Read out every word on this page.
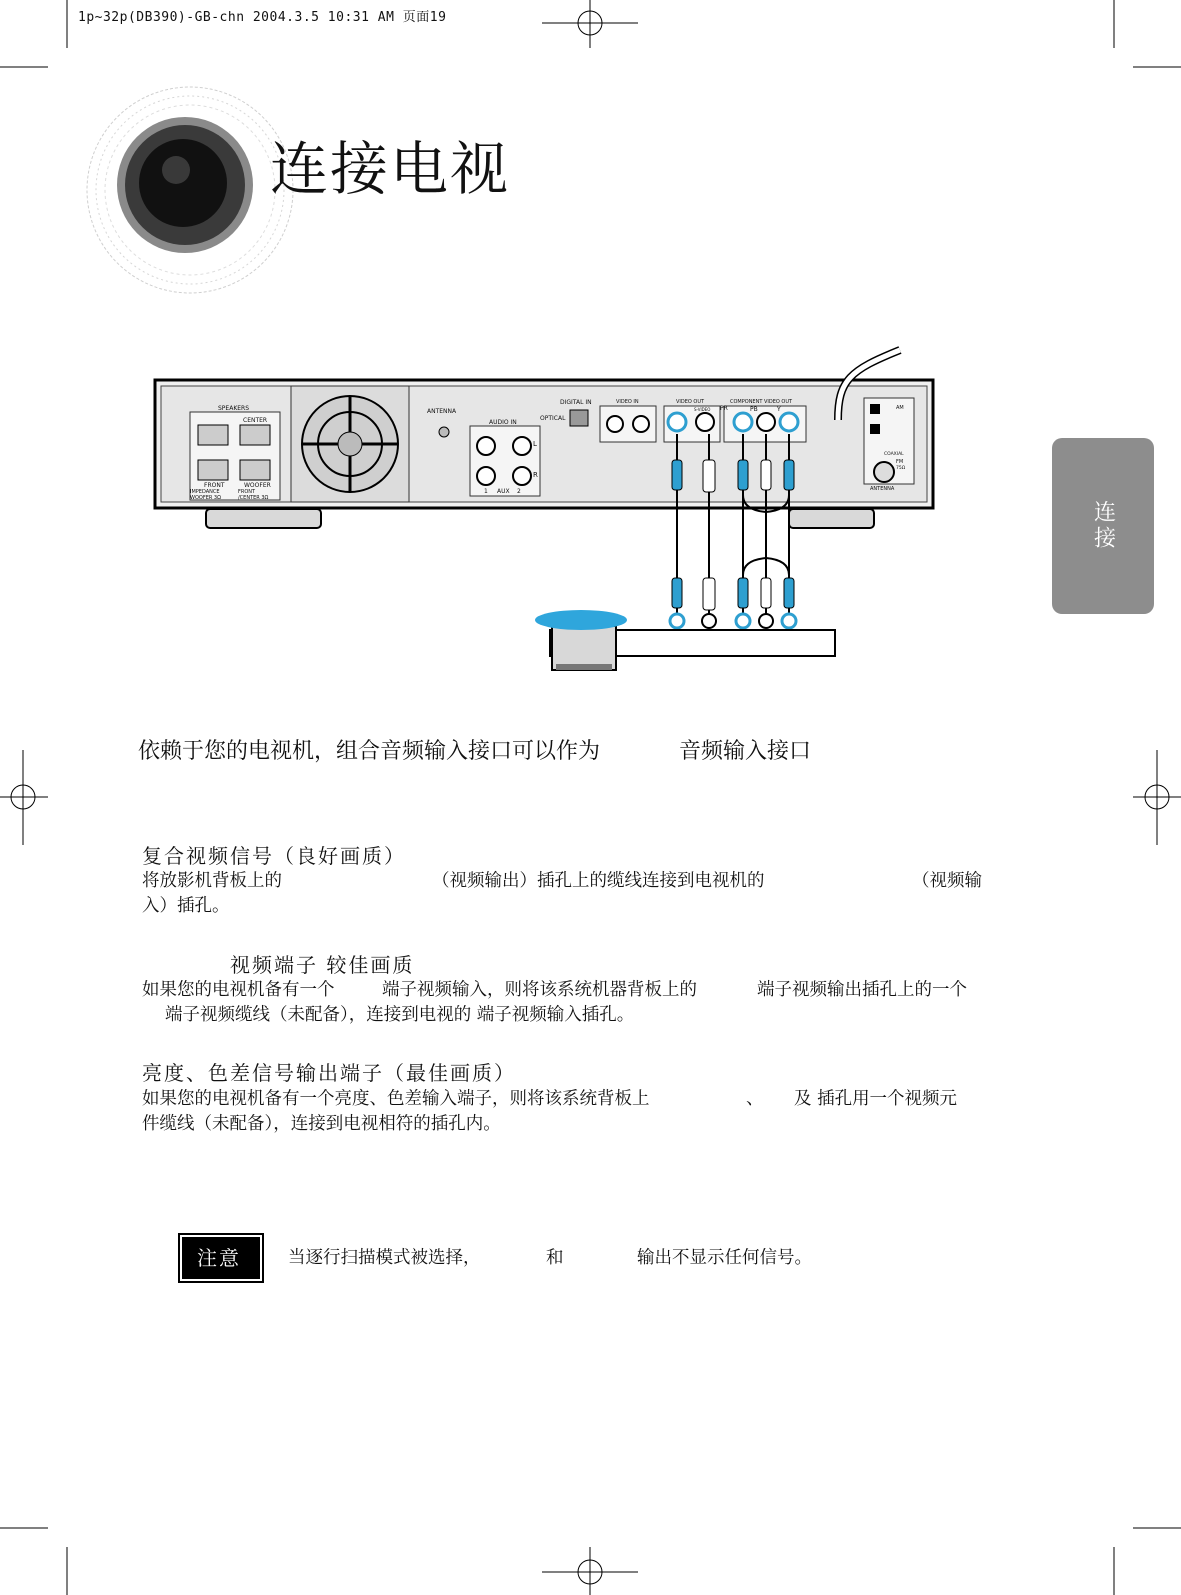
SPEAKERS
CENTER
FRONT	WOOFER
IMPEDANCE WOOFER 3Ω
FRONT /CENTER 3Ω
ANTENNA
AUDIO IN
AUX
1	2
L
R
DIGITAL IN
OPTICAL
VIDEO IN	VIDEO OUT
S-VIDEO
COMPONENT VIDEO OUT
PR	PB	Y	AM
COAXIAL
FM
75Ω
ANTENNA
1p~32p(DB390)-GB-chn 2004.3.5 10:31 AM 页面19
连接电视
连接
依赖于您的电视机，组合音频输入接口可以作为	音频输入接口
复合视频信号（良好画质）
将放影机背板上的	（视频输出）插孔上的缆线连接到电视机的	（视频输
入）插孔。
视频端子 较佳画质
如果您的电视机备有一个	端子视频输入，则将该系统机器背板上的	端子视频输出插孔上的一个
端子视频缆线（未配备），连接到电视的 端子视频输入插孔。
亮度、色差信号输出端子（最佳画质）
如果您的电视机备有一个亮度、色差输入端子，则将该系统背板上	、 及 插孔用一个视频元
件缆线（未配备），连接到电视相符的插孔内。
注意	当逐行扫描模式被选择，	和	输出不显示任何信号。
